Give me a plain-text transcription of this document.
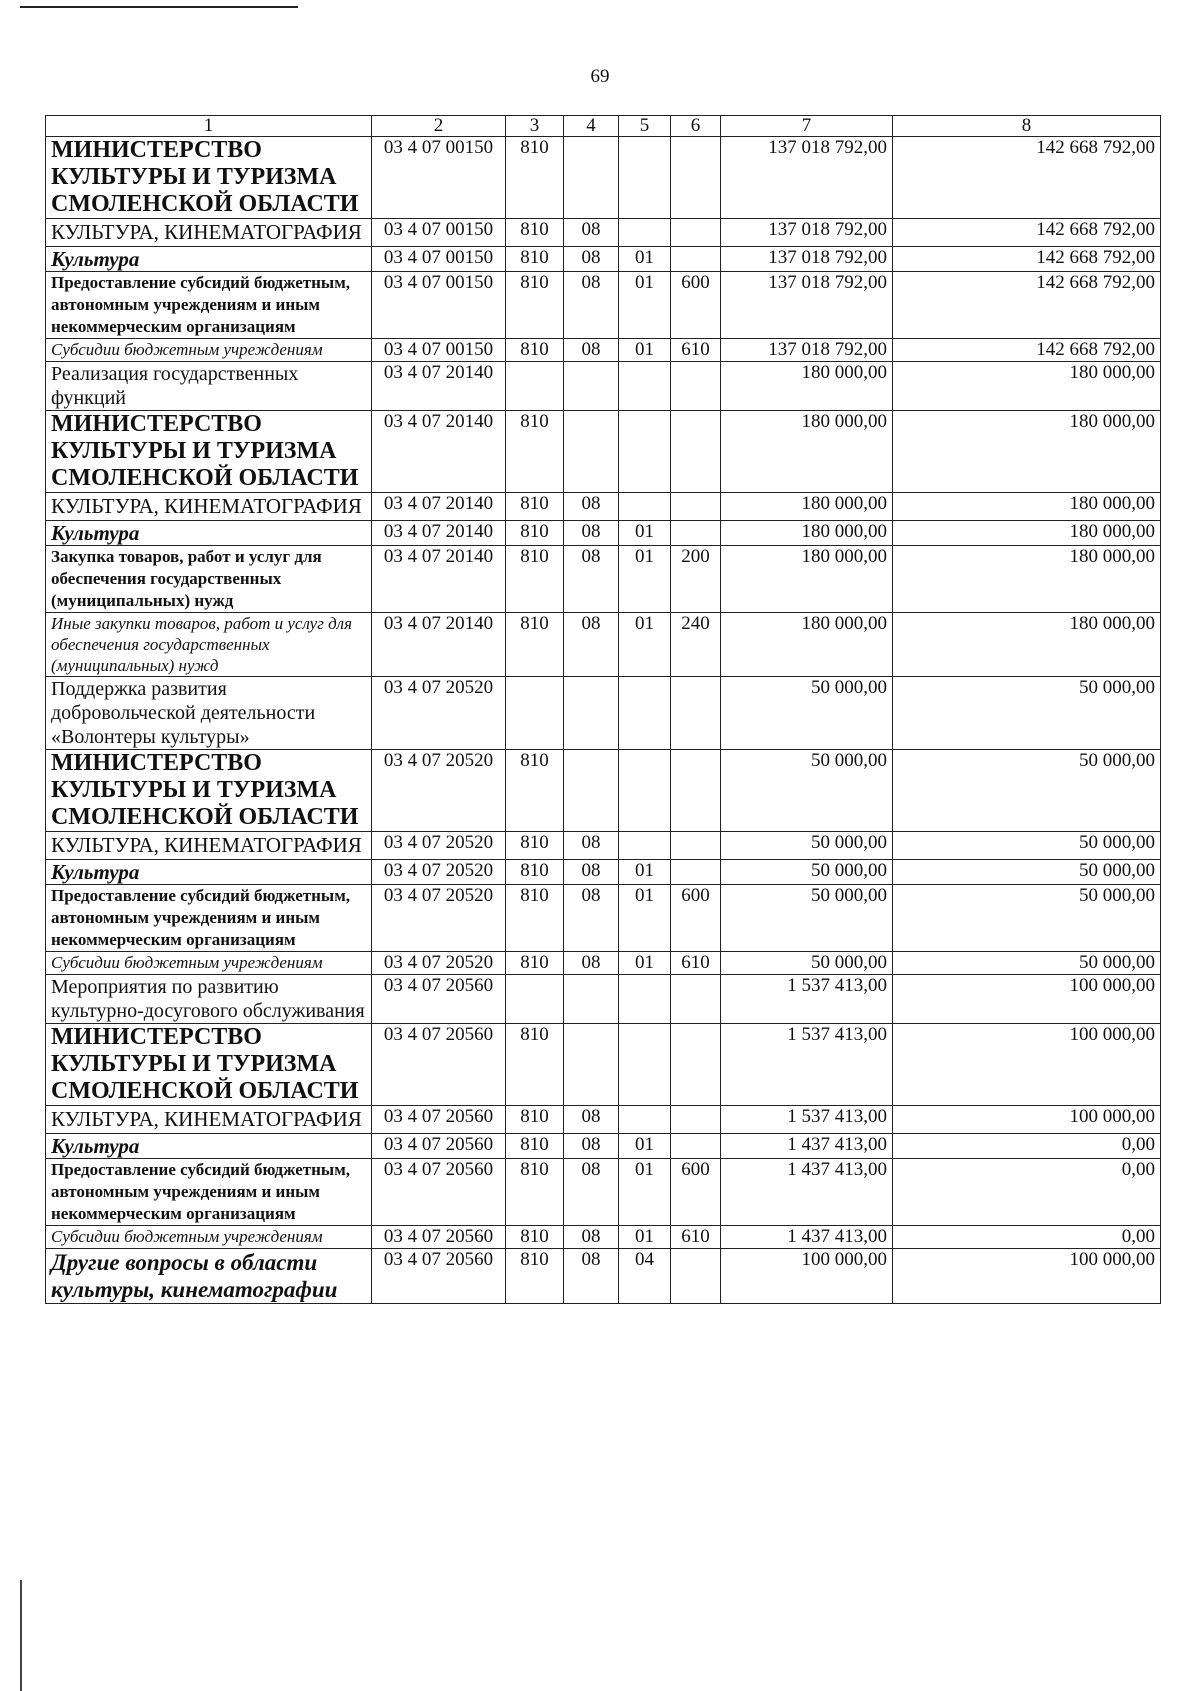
69
1	2	3	4	5	6	7	8
МИНИСТЕРСТВО КУЛЬТУРЫ И ТУРИЗМА СМОЛЕНСКОЙ ОБЛАСТИ	03 4 07 00150	810				137 018 792,00	142 668 792,00
КУЛЬТУРА, КИНЕМАТОГРАФИЯ	03 4 07 00150	810	08			137 018 792,00	142 668 792,00
Культура	03 4 07 00150	810	08	01		137 018 792,00	142 668 792,00
Предоставление субсидий бюджетным, автономным учреждениям и иным некоммерческим организациям	03 4 07 00150	810	08	01	600	137 018 792,00	142 668 792,00
Субсидии бюджетным учреждениям	03 4 07 00150	810	08	01	610	137 018 792,00	142 668 792,00
Реализация государственных функций	03 4 07 20140					180 000,00	180 000,00
МИНИСТЕРСТВО КУЛЬТУРЫ И ТУРИЗМА СМОЛЕНСКОЙ ОБЛАСТИ	03 4 07 20140	810				180 000,00	180 000,00
КУЛЬТУРА, КИНЕМАТОГРАФИЯ	03 4 07 20140	810	08			180 000,00	180 000,00
Культура	03 4 07 20140	810	08	01		180 000,00	180 000,00
Закупка товаров, работ и услуг для обеспечения государственных (муниципальных) нужд	03 4 07 20140	810	08	01	200	180 000,00	180 000,00
Иные закупки товаров, работ и услуг для обеспечения государственных (муниципальных) нужд	03 4 07 20140	810	08	01	240	180 000,00	180 000,00
Поддержка развития добровольческой деятельности «Волонтеры культуры»	03 4 07 20520					50 000,00	50 000,00
МИНИСТЕРСТВО КУЛЬТУРЫ И ТУРИЗМА СМОЛЕНСКОЙ ОБЛАСТИ	03 4 07 20520	810				50 000,00	50 000,00
КУЛЬТУРА, КИНЕМАТОГРАФИЯ	03 4 07 20520	810	08			50 000,00	50 000,00
Культура	03 4 07 20520	810	08	01		50 000,00	50 000,00
Предоставление субсидий бюджетным, автономным учреждениям и иным некоммерческим организациям	03 4 07 20520	810	08	01	600	50 000,00	50 000,00
Субсидии бюджетным учреждениям	03 4 07 20520	810	08	01	610	50 000,00	50 000,00
Мероприятия по развитию культурно-досугового обслуживания	03 4 07 20560					1 537 413,00	100 000,00
МИНИСТЕРСТВО КУЛЬТУРЫ И ТУРИЗМА СМОЛЕНСКОЙ ОБЛАСТИ	03 4 07 20560	810				1 537 413,00	100 000,00
КУЛЬТУРА, КИНЕМАТОГРАФИЯ	03 4 07 20560	810	08			1 537 413,00	100 000,00
Культура	03 4 07 20560	810	08	01		1 437 413,00	0,00
Предоставление субсидий бюджетным, автономным учреждениям и иным некоммерческим организациям	03 4 07 20560	810	08	01	600	1 437 413,00	0,00
Субсидии бюджетным учреждениям	03 4 07 20560	810	08	01	610	1 437 413,00	0,00
Другие вопросы в области культуры, кинематографии	03 4 07 20560	810	08	04		100 000,00	100 000,00
